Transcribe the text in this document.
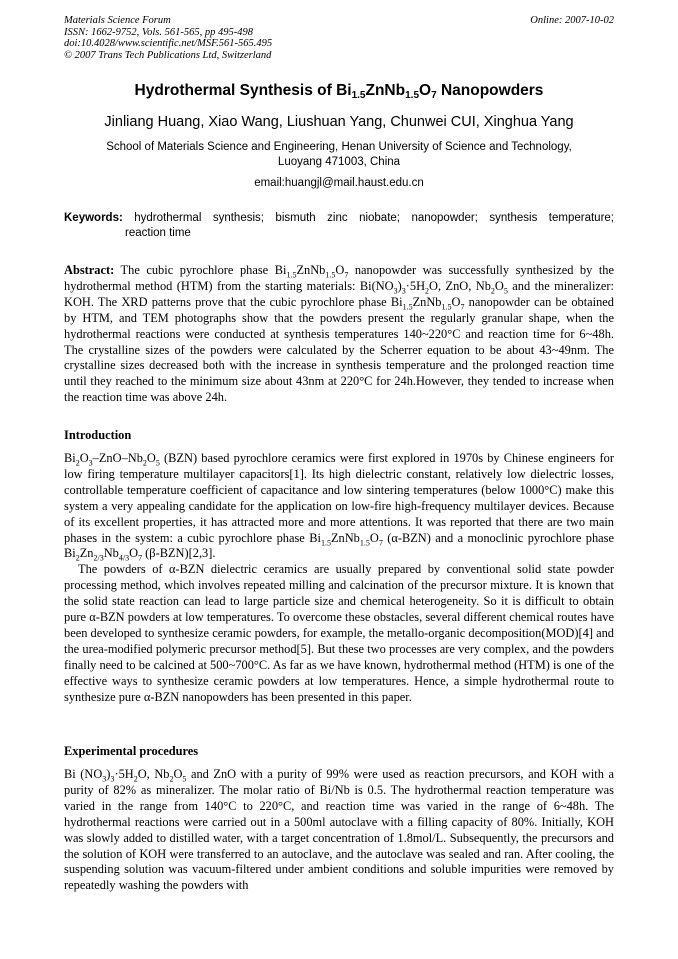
Materials Science Forum
ISSN: 1662-9752, Vols. 561-565, pp 495-498
doi:10.4028/www.scientific.net/MSF.561-565.495
© 2007 Trans Tech Publications Ltd, Switzerland
Online: 2007-10-02
Hydrothermal Synthesis of $Bi_{1.5}ZnNb_{1.5}O_7$ Nanopowders
Jinliang Huang, Xiao Wang, Liushuan Yang, Chunwei CUI, Xinghua Yang
School of Materials Science and Engineering, Henan University of Science and Technology,
Luoyang 471003, China
email:huangjl@mail.haust.edu.cn
Keywords: hydrothermal synthesis; bismuth zinc niobate; nanopowder; synthesis temperature;
reaction time

Abstract: The cubic pyrochlore phase $Bi_{1.5}ZnNb_{1.5}O_7$ nanopowder was successfully synthesized by the hydrothermal method (HTM) from the starting materials: $Bi(NO_3)_3\cdot 5H_2O$, ZnO, $Nb_2O_5$ and the mineralizer: KOH. The XRD patterns prove that the cubic pyrochlore phase $Bi_{1.5}ZnNb_{1.5}O_7$ nanopowder can be obtained by HTM, and TEM photographs show that the powders present the regularly granular shape, when the hydrothermal reactions were conducted at synthesis temperatures 140~220°C and reaction time for 6~48h. The crystalline sizes of the powders were calculated by the Scherrer equation to be about 43~49nm. The crystalline sizes decreased both with the increase in synthesis temperature and the prolonged reaction time until they reached to the minimum size about 43nm at 220°C for 24h.However, they tended to increase when the reaction time was above 24h.

Introduction

$Bi_2O_3-ZnO-Nb_2O_5$ (BZN) based pyrochlore ceramics were first explored in 1970s by Chinese engineers for low firing temperature multilayer capacitors[1]. Its high dielectric constant, relatively low dielectric losses, controllable temperature coefficient of capacitance and low sintering temperatures (below 1000°C) make this system a very appealing candidate for the application on low-fire high-frequency multilayer devices. Because of its excellent properties, it has attracted more and more attentions. It was reported that there are two main phases in the system: a cubic pyrochlore phase $Bi_{1.5}ZnNb_{1.5}O_7$ (α-BZN) and a monoclinic pyrochlore phase $Bi_2Zn_{2/3}Nb_{4/3}O_7$ (β-BZN)[2,3].

The powders of α-BZN dielectric ceramics are usually prepared by conventional solid state powder processing method, which involves repeated milling and calcination of the precursor mixture. It is known that the solid state reaction can lead to large particle size and chemical heterogeneity. So it is difficult to obtain pure α-BZN powders at low temperatures. To overcome these obstacles, several different chemical routes have been developed to synthesize ceramic powders, for example, the metallo-organic decomposition(MOD)[4] and the urea-modified polymeric precursor method[5]. But these two processes are very complex, and the powders finally need to be calcined at 500~700°C. As far as we have known, hydrothermal method (HTM) is one of the effective ways to synthesize ceramic powders at low temperatures. Hence, a simple hydrothermal route to synthesize pure α-BZN nanopowders has been presented in this paper.

Experimental procedures

Bi $(NO_3)_3\cdot 5H_2O$, $Nb_2O_5$ and ZnO with a purity of 99% were used as reaction precursors, and KOH with a purity of 82% as mineralizer. The molar ratio of Bi/Nb is 0.5. The hydrothermal reaction temperature was varied in the range from 140°C to 220°C, and reaction time was varied in the range of 6~48h. The hydrothermal reactions were carried out in a 500ml autoclave with a filling capacity of 80%. Initially, KOH was slowly added to distilled water, with a target concentration of 1.8mol/L. Subsequently, the precursors and the solution of KOH were transferred to an autoclave, and the autoclave was sealed and ran. After cooling, the suspending solution was vacuum-filtered under ambient conditions and soluble impurities were removed by repeatedly washing the powders with
